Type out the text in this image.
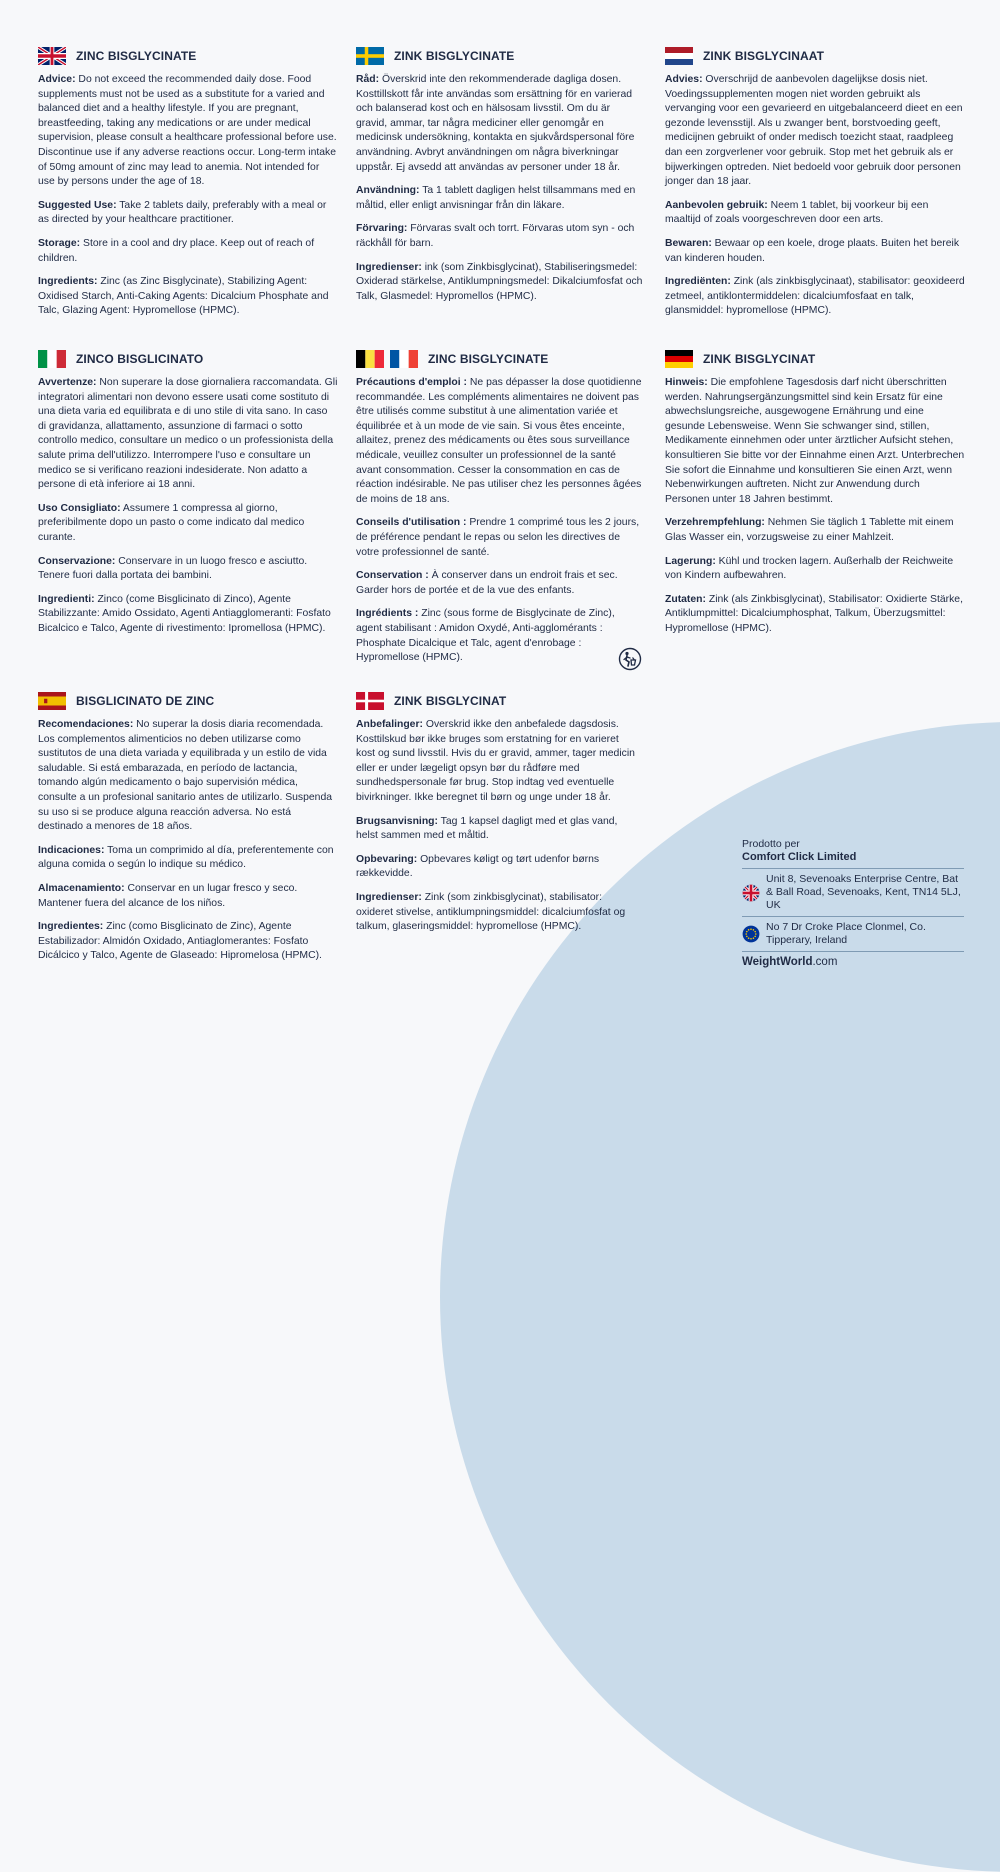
ZINC BISGLYCINATE

Advice: Do not exceed the recommended daily dose. Food supplements must not be used as a substitute for a varied and balanced diet and a healthy lifestyle. If you are pregnant, breastfeeding, taking any medications or are under medical supervision, please consult a healthcare professional before use. Discontinue use if any adverse reactions occur. Long-term intake of 50mg amount of zinc may lead to anemia. Not intended for use by persons under the age of 18.

Suggested Use: Take 2 tablets daily, preferably with a meal or as directed by your healthcare practitioner.

Storage: Store in a cool and dry place. Keep out of reach of children.

Ingredients: Zinc (as Zinc Bisglycinate), Stabilizing Agent: Oxidised Starch, Anti-Caking Agents: Dicalcium Phosphate and Talc, Glazing Agent: Hypromellose (HPMC).

ZINK BISGLYCINATE

Råd: Överskrid inte den rekommenderade dagliga dosen. Kosttillskott får inte användas som ersättning för en varierad och balanserad kost och en hälsosam livsstil. Om du är gravid, ammar, tar några mediciner eller genomgår en medicinsk undersökning, kontakta en sjukvårdspersonal före användning. Avbryt användningen om några biverkningar uppstår. Ej avsedd att användas av personer under 18 år.

Användning: Ta 1 tablett dagligen helst tillsammans med en måltid, eller enligt anvisningar från din läkare.

Förvaring: Förvaras svalt och torrt. Förvaras utom syn - och räckhåll för barn.

Ingredienser: ink (som Zinkbisglycinat), Stabiliseringsmedel: Oxiderad stärkelse, Antiklumpningsmedel: Dikalciumfosfat och Talk, Glasmedel: Hypromellos (HPMC).

ZINK BISGLYCINAAT

Advies: Overschrijd de aanbevolen dagelijkse dosis niet. Voedingssupplementen mogen niet worden gebruikt als vervanging voor een gevarieerd en uitgebalanceerd dieet en een gezonde levensstijl. Als u zwanger bent, borstvoeding geeft, medicijnen gebruikt of onder medisch toezicht staat, raadpleeg dan een zorgverlener voor gebruik. Stop met het gebruik als er bijwerkingen optreden. Niet bedoeld voor gebruik door personen jonger dan 18 jaar.

Aanbevolen gebruik: Neem 1 tablet, bij voorkeur bij een maaltijd of zoals voorgeschreven door een arts.

Bewaren: Bewaar op een koele, droge plaats. Buiten het bereik van kinderen houden.

Ingrediënten: Zink (als zinkbisglycinaat), stabilisator: geoxideerd zetmeel, antiklontermiddelen: dicalciumfosfaat en talk, glansmiddel: hypromellose (HPMC).

ZINCO BISGLICINATO

Avvertenze: Non superare la dose giornaliera raccomandata. Gli integratori alimentari non devono essere usati come sostituto di una dieta varia ed equilibrata e di uno stile di vita sano. In caso di gravidanza, allattamento, assunzione di farmaci o sotto controllo medico, consultare un medico o un professionista della salute prima dell'utilizzo. Interrompere l'uso e consultare un medico se si verificano reazioni indesiderate. Non adatto a persone di età inferiore ai 18 anni.

Uso Consigliato: Assumere 1 compressa al giorno, preferibilmente dopo un pasto o come indicato dal medico curante.

Conservazione: Conservare in un luogo fresco e asciutto. Tenere fuori dalla portata dei bambini.

Ingredienti: Zinco (come Bisglicinato di Zinco), Agente Stabilizzante: Amido Ossidato, Agenti Antiagglomeranti: Fosfato Bicalcico e Talco, Agente di rivestimento: Ipromellosa (HPMC).

ZINC BISGLYCINATE

Précautions d'emploi : Ne pas dépasser la dose quotidienne recommandée. Les compléments alimentaires ne doivent pas être utilisés comme substitut à une alimentation variée et équilibrée et à un mode de vie sain. Si vous êtes enceinte, allaitez, prenez des médicaments ou êtes sous surveillance médicale, veuillez consulter un professionnel de la santé avant consommation. Cesser la consommation en cas de réaction indésirable. Ne pas utiliser chez les personnes âgées de moins de 18 ans.

Conseils d'utilisation : Prendre 1 comprimé tous les 2 jours, de préférence pendant le repas ou selon les directives de votre professionnel de santé.

Conservation : À conserver dans un endroit frais et sec. Garder hors de portée et de la vue des enfants.

Ingrédients : Zinc (sous forme de Bisglycinate de Zinc), agent stabilisant : Amidon Oxydé, Anti-agglomérants : Phosphate Dicalcique et Talc, agent d'enrobage : Hypromellose (HPMC).

ZINK BISGLYCINAT

Hinweis: Die empfohlene Tagesdosis darf nicht überschritten werden. Nahrungsergänzungsmittel sind kein Ersatz für eine abwechslungsreiche, ausgewogene Ernährung und eine gesunde Lebensweise. Wenn Sie schwanger sind, stillen, Medikamente einnehmen oder unter ärztlicher Aufsicht stehen, konsultieren Sie bitte vor der Einnahme einen Arzt. Unterbrechen Sie sofort die Einnahme und konsultieren Sie einen Arzt, wenn Nebenwirkungen auftreten. Nicht zur Anwendung durch Personen unter 18 Jahren bestimmt.

Verzehrempfehlung: Nehmen Sie täglich 1 Tablette mit einem Glas Wasser ein, vorzugsweise zu einer Mahlzeit.

Lagerung: Kühl und trocken lagern. Außerhalb der Reichweite von Kindern aufbewahren.

Zutaten: Zink (als Zinkbisglycinat), Stabilisator: Oxidierte Stärke, Antiklumpmittel: Dicalciumphosphat, Talkum, Überzugsmittel: Hypromellose (HPMC).

BISGLICINATO DE ZINC

Recomendaciones: No superar la dosis diaria recomendada. Los complementos alimenticios no deben utilizarse como sustitutos de una dieta variada y equilibrada y un estilo de vida saludable. Si está embarazada, en período de lactancia, tomando algún medicamento o bajo supervisión médica, consulte a un profesional sanitario antes de utilizarlo. Suspenda su uso si se produce alguna reacción adversa. No está destinado a menores de 18 años.

Indicaciones: Toma un comprimido al día, preferentemente con alguna comida o según lo indique su médico.

Almacenamiento: Conservar en un lugar fresco y seco. Mantener fuera del alcance de los niños.

Ingredientes: Zinc (como Bisglicinato de Zinc), Agente Estabilizador: Almidón Oxidado, Antiaglomerantes: Fosfato Dicálcico y Talco, Agente de Glaseado: Hipromelosa (HPMC).

ZINK BISGLYCINAT

Anbefalinger: Overskrid ikke den anbefalede dagsdosis. Kosttilskud bør ikke bruges som erstatning for en varieret kost og sund livsstil. Hvis du er gravid, ammer, tager medicin eller er under lægeligt opsyn bør du rådføre med sundhedspersonale før brug. Stop indtag ved eventuelle bivirkninger. Ikke beregnet til børn og unge under 18 år.

Brugsanvisning: Tag 1 kapsel dagligt med et glas vand, helst sammen med et måltid.

Opbevaring: Opbevares køligt og tørt udenfor børns rækkevidde.

Ingredienser: Zink (som zinkbisglycinat), stabilisator: oxideret stivelse, antiklumpningsmiddel: dicalciumfosfat og talkum, glaseringsmiddel: hypromellose (HPMC).

Prodotto per
Comfort Click Limited
Unit 8, Sevenoaks Enterprise Centre, Bat & Ball Road, Sevenoaks, Kent, TN14 5LJ, UK
No 7 Dr Croke Place Clonmel, Co. Tipperary, Ireland
WeightWorld.com
